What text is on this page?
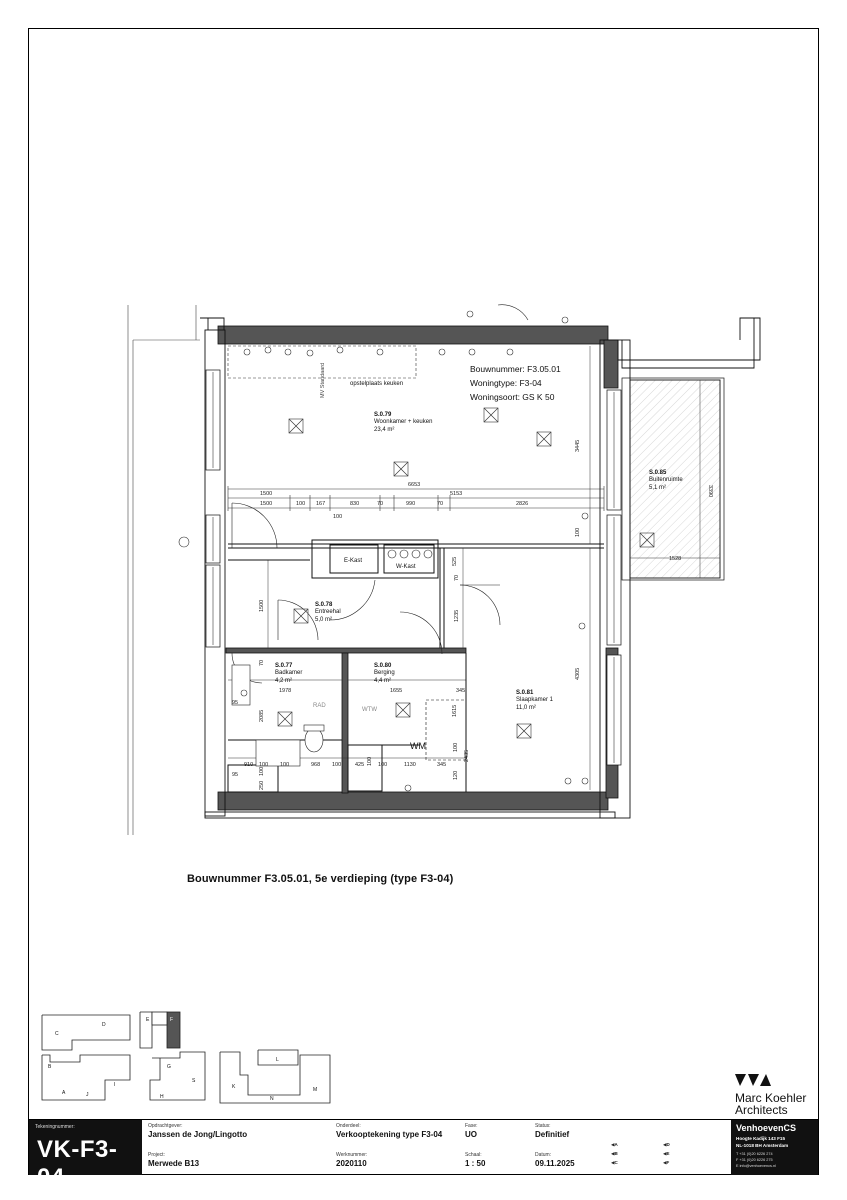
MV Standaard	Bouwnummer: F3.05.01
Woningtype: F3-04
Woningsoort: GS K 50
S.0.79
Woonkamer + keuken
23,4 m²
S.0.85
Buitenruimte
5,1 m²
S.0.78
Entreehal
5,0 m²
S.0.77
Badkamer
4,2 m²
S.0.80
Berging
4,4 m²
S.0.81
Slaapkamer 1
11,0 m²
opstelplaats keuken
E-Kast
W-Kast
RAD
WTW
WM
6653
1500	5153
1500	100 167	830	70	990	70	2826
100
3445
3390
1528
4305
1500
1978	1655	345
2085	1615
1235
525
2435
910 100 100	968 100	425	100	1130	345
95
95
250
70
100
120
100
70
100
100
Bouwnummer F3.05.01, 5e verdieping (type F3-04)
C
D
E	F
B
A	J
I
G
S
H
L
K
N
M
Marc Koehler
Architects
Tekeningnummer:
VK-F3-04
Opdrachtgever:
Janssen de Jong/Lingotto
Project:
Merwede B13
Onderdeel:
Verkooptekening type F3-04
Werknummer:
2020110
Fase:
UO
Schaal:
1 : 50
Status:
Definitief
Datum:
09.11.2025
◀A
◀B
◀C
◀D
◀E
◀F
VenhoevenCS
Hoogte Kadijk 143 F15
NL-1018 BH Amsterdam
T +31 (0)20 6226 274
F +31 (0)20 6226 275
E info@venhoevencs.nl
